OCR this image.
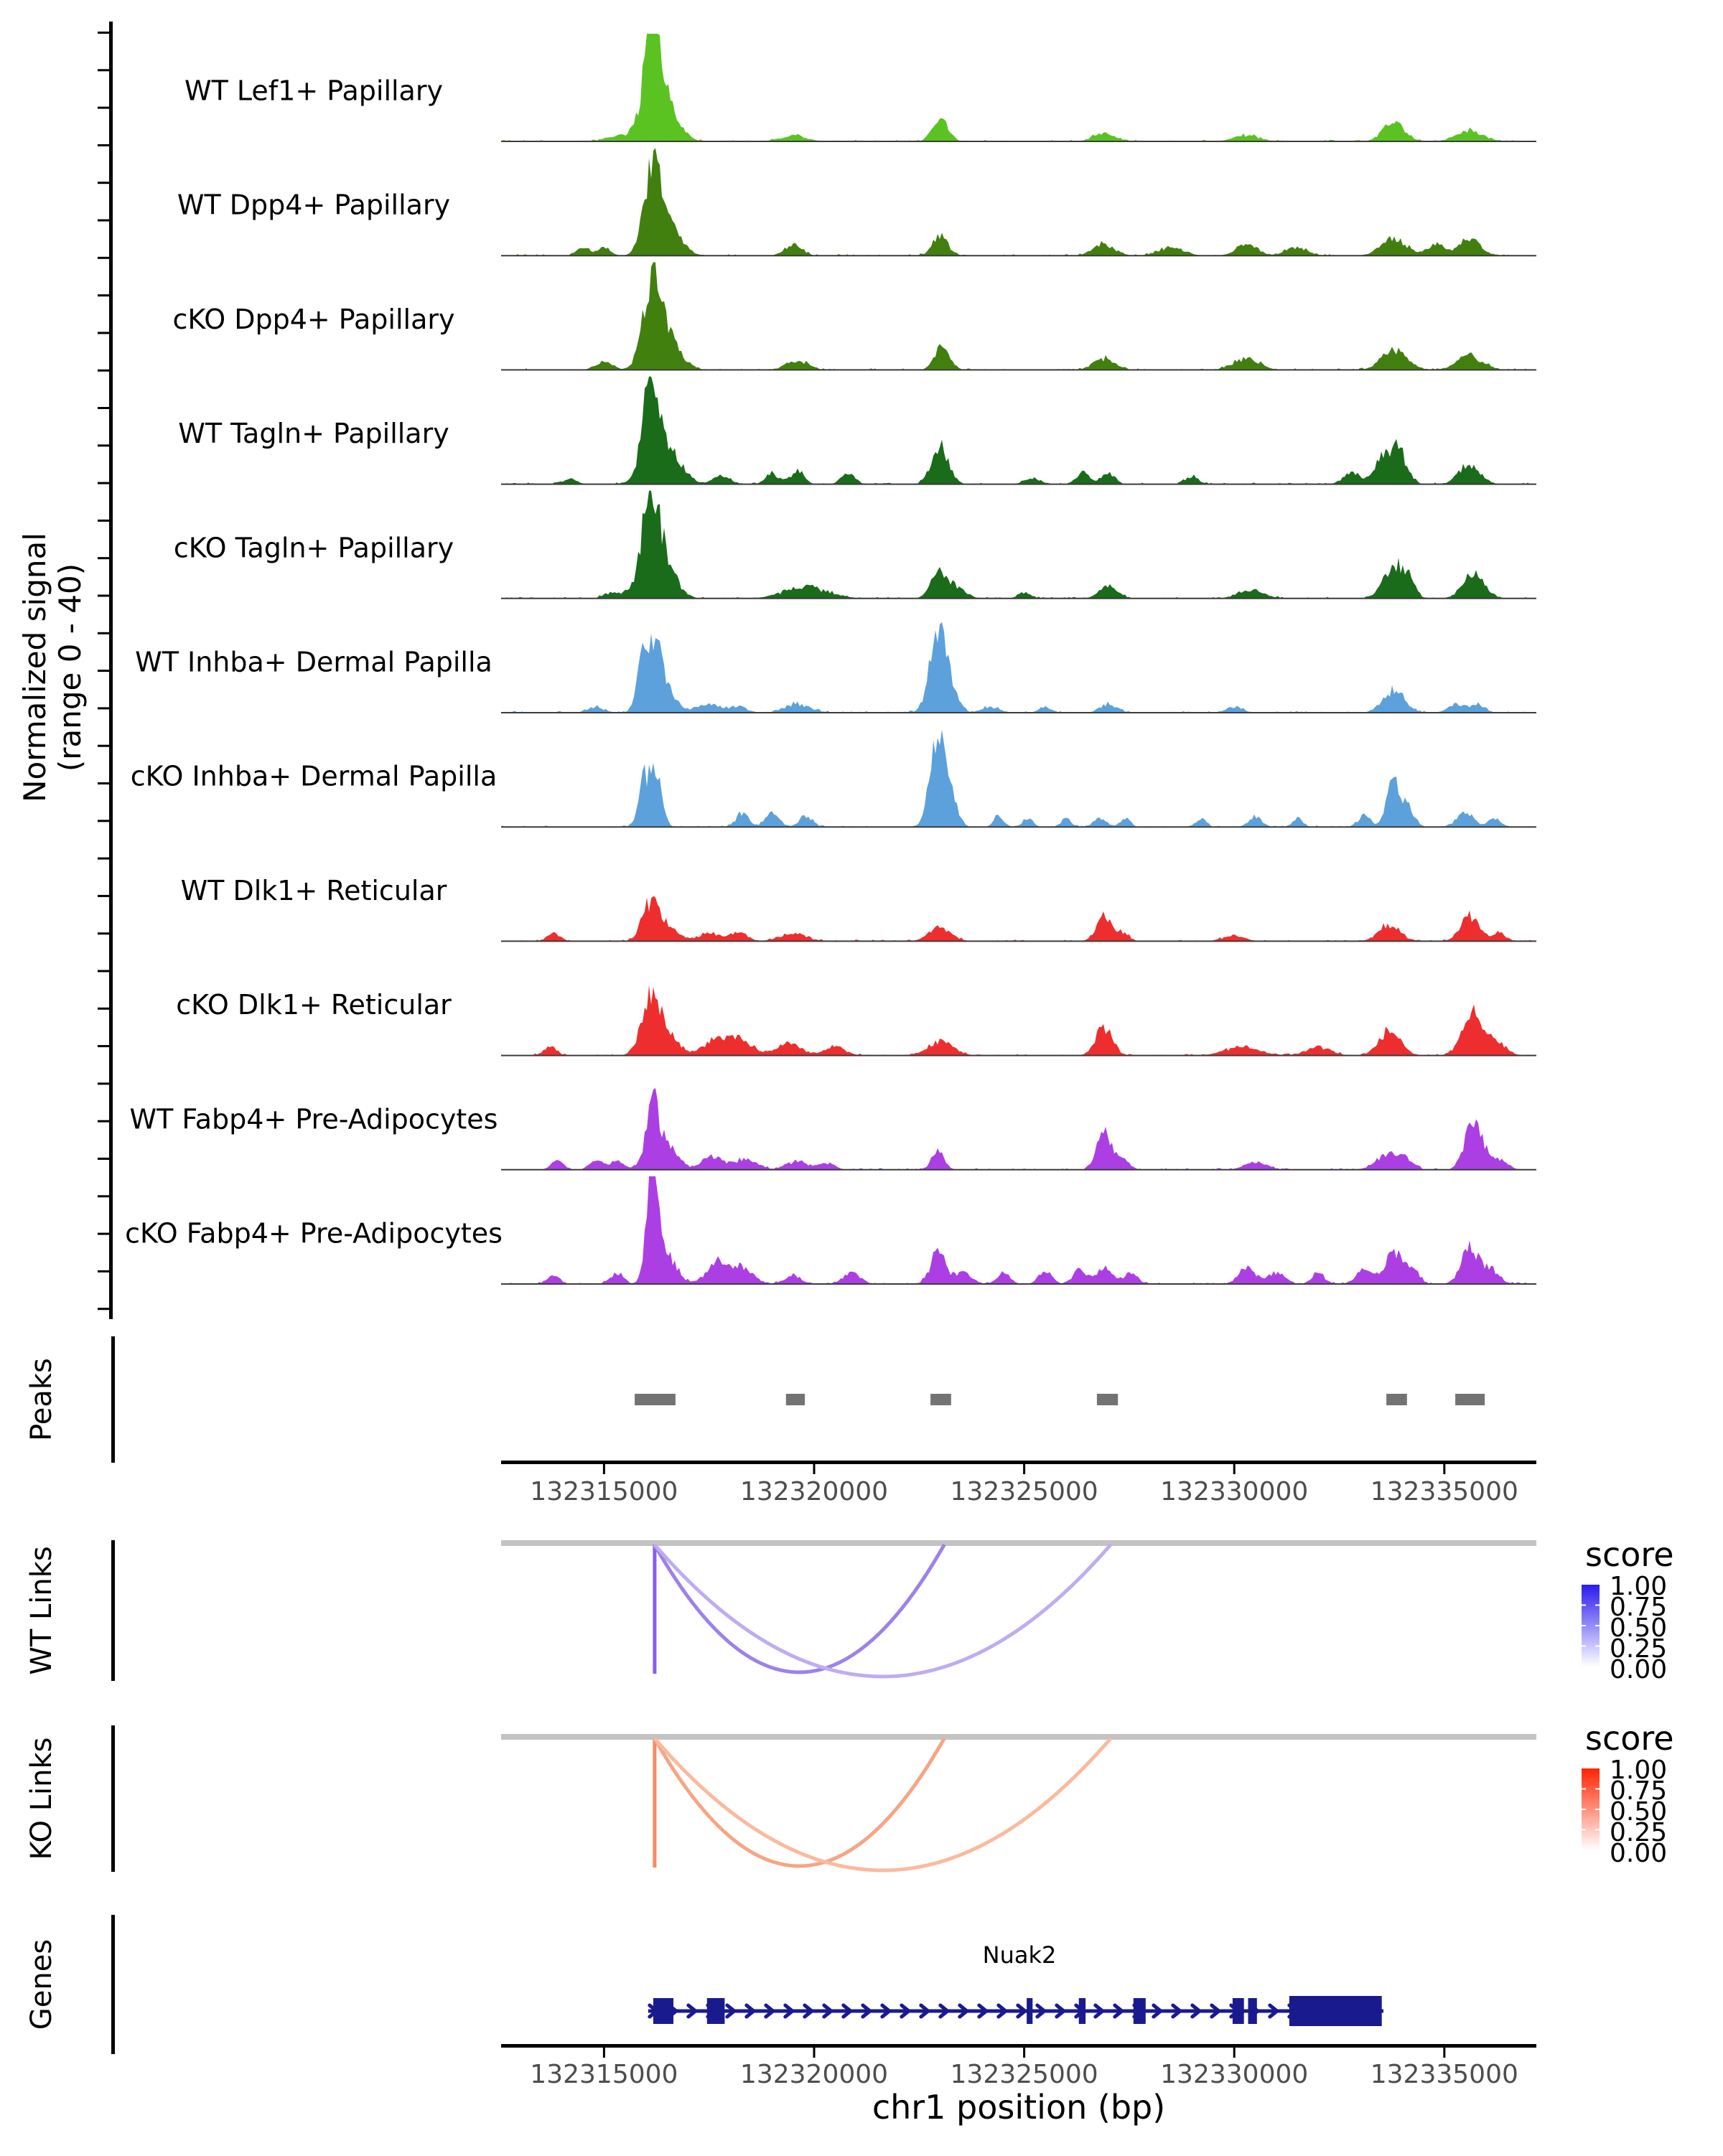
WT Lef1+ Papillary
WT Dpp4+ Papillary
cKO Dpp4+ Papillary
WT Tagln+ Papillary
cKO Tagln+ Papillary
WT Inhba+ Dermal Papilla
cKO Inhba+ Dermal Papilla
WT Dlk1+ Reticular
cKO Dlk1+ Reticular
WT Fabp4+ Pre-Adipocytes
cKO Fabp4+ Pre-Adipocytes
Normalized signal (range 0 - 40)
Peaks
WT Links
KO Links
Genes
132315000 132320000 132325000 132330000 132335000
132315000 132320000 132325000 132330000 132335000
chr1 position (bp)
score
1.00
0.75
0.50
0.25
0.00
score
1.00
0.75
0.50
0.25
0.00
Nuak2
